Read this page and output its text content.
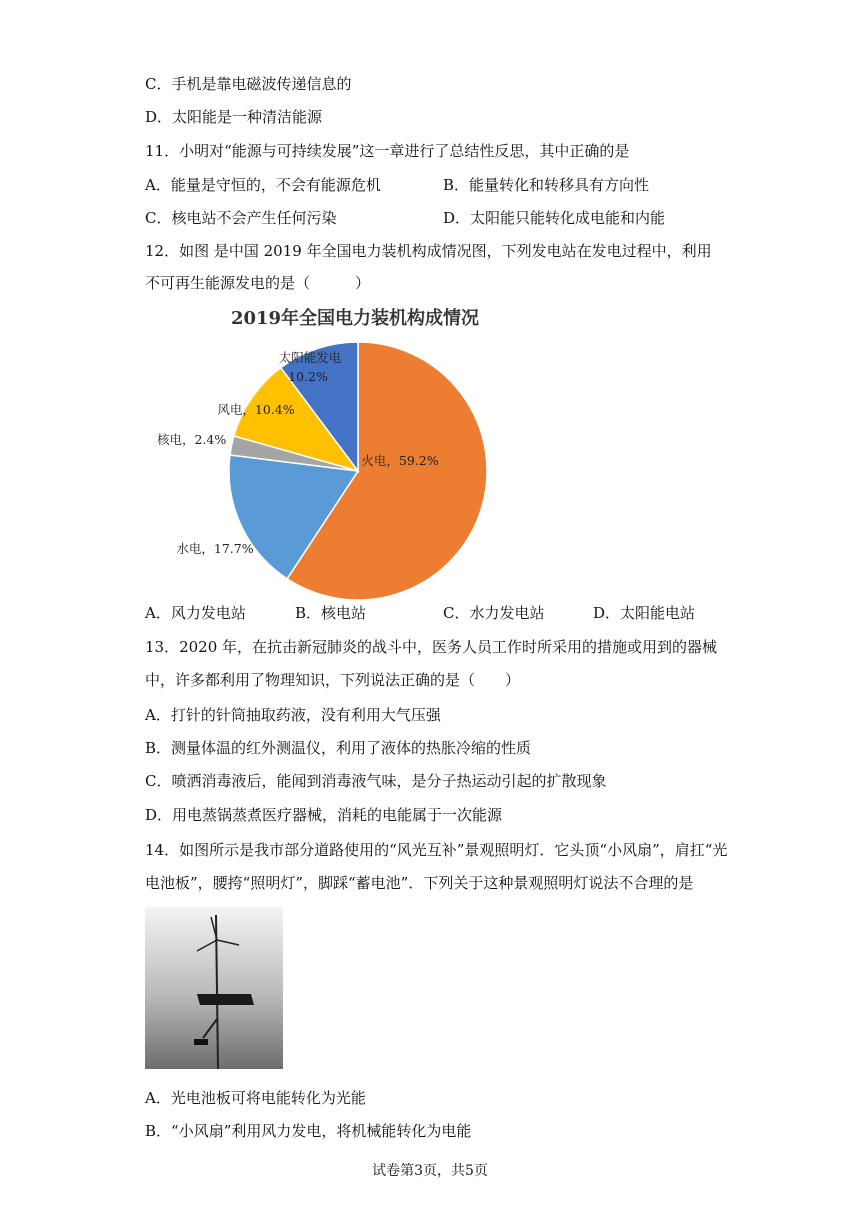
C．手机是靠电磁波传递信息的
D．太阳能是一种清洁能源
11．小明对“能源与可持续发展”这一章进行了总结性反思，其中正确的是
A．能量是守恒的，不会有能源危机	B．能量转化和转移具有方向性
C．核电站不会产生任何污染	D．太阳能只能转化成电能和内能
12．如图 是中国 2019 年全国电力装机构成情况图，下列发电站在发电过程中，利用
不可再生能源发电的是（　　　）
2019年全国电力装机构成情况
火电，59.2%
水电，17.7%
核电，2.4%
风电，10.4%
太阳能发电 10.2%
A．风力发电站	B．核电站	C．水力发电站	D．太阳能电站
13．2020 年，在抗击新冠肺炎的战斗中，医务人员工作时所采用的措施或用到的器械
中，许多都利用了物理知识，下列说法正确的是（　　）
A．打针的针筒抽取药液，没有利用大气压强
B．测量体温的红外测温仪，利用了液体的热胀冷缩的性质
C．喷洒消毒液后，能闻到消毒液气味，是分子热运动引起的扩散现象
D．用电蒸锅蒸煮医疗器械，消耗的电能属于一次能源
14．如图所示是我市部分道路使用的“风光互补”景观照明灯．它头顶“小风扇”，肩扛“光
电池板”，腰挎“照明灯”，脚踩“蓄电池”．下列关于这种景观照明灯说法不合理的是
A．光电池板可将电能转化为光能
B．“小风扇”利用风力发电，将机械能转化为电能
试卷第3页，共5页
